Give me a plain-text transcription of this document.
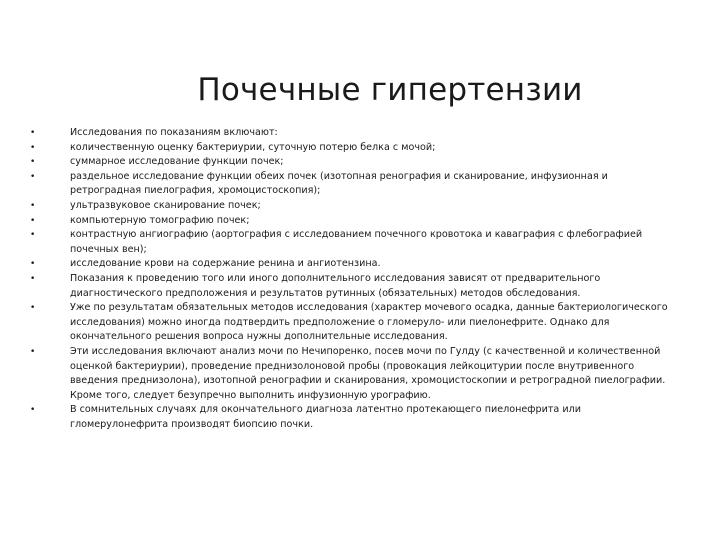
Почечные гипертензии
•	Исследования по показаниям включают:
•	количественную оценку бактериурии, суточную потерю белка с мочой;
•	суммарное исследование функции почек;
•	раздельное исследование функции обеих почек (изотопная ренография и сканирование, инфузионная и ретроградная пиелография, хромоцистоскопия);
•	ультразвуковое сканирование почек;
•	компьютерную томографию почек;
•	контрастную ангиографию (аортография с исследованием почечного кровотока и каваграфия с флебографией почечных вен);
•	исследование крови на содержание ренина и ангиотензина.
•	Показания к проведению того или иного дополнительного исследования зависят от предварительного диагностического предположения и результатов рутинных (обязательных) методов обследования.
•	Уже по результатам обязательных методов исследования (характер мочевого осадка, данные бактериологического исследования) можно иногда подтвердить предположение о гломеруло- или пиелонефрите. Однако для окончательного решения вопроса нужны дополнительные исследования.
•	Эти исследования включают анализ мочи по Нечипоренко, посев мочи по Гулду (с качественной и количественной оценкой бактериурии), проведение преднизолоновой пробы (провокация лейкоцитурии после внутривенного введения преднизолона), изотопной ренографии и сканирования, хромоцистоскопии и ретроградной пиелографии. Кроме того, следует безупречно выполнить инфузионную урографию.
•	В сомнительных случаях для окончательного диагноза латентно протекающего пиелонефрита или гломерулонефрита производят биопсию почки.
